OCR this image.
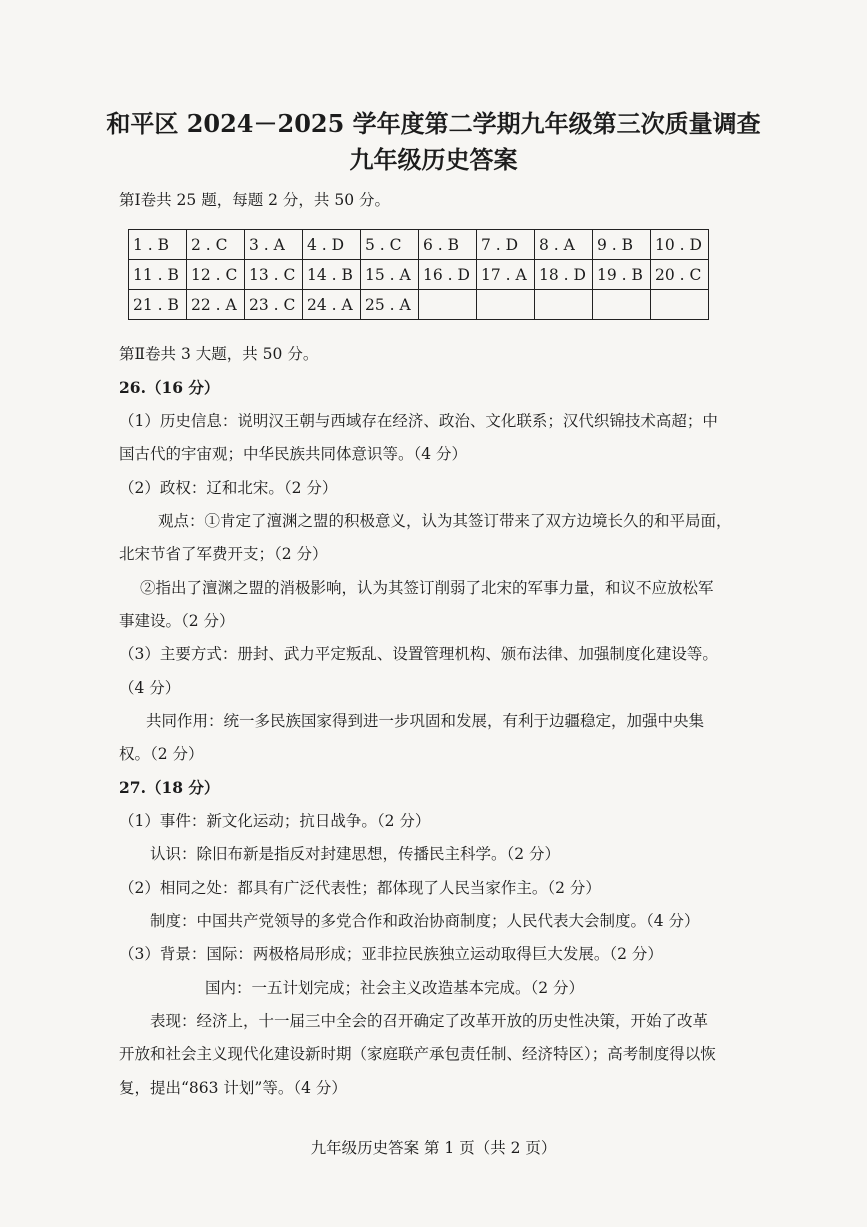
和平区 2024－2025 学年度第二学期九年级第三次质量调查
九年级历史答案
第Ⅰ卷共 25 题，每题 2 分，共 50 分。
1 . B	2 . C	3 . A	4 . D	5 . C	6 . B	7 . D	8 . A	9 . B	10 . D
11 . B	12 . C	13 . C	14 . B	15 . A	16 . D	17 . A	18 . D	19 . B	20 . C
21 . B	22 . A	23 . C	24 . A	25 . A					
第Ⅱ卷共 3 大题，共 50 分。
26.（16 分）
（1）历史信息：说明汉王朝与西域存在经济、政治、文化联系；汉代织锦技术高超；中
国古代的宇宙观；中华民族共同体意识等。（4 分）
（2）政权：辽和北宋。（2 分）
观点：①肯定了澶渊之盟的积极意义，认为其签订带来了双方边境长久的和平局面，
北宋节省了军费开支；（2 分）
②指出了澶渊之盟的消极影响，认为其签订削弱了北宋的军事力量，和议不应放松军
事建设。（2 分）
（3）主要方式：册封、武力平定叛乱、设置管理机构、颁布法律、加强制度化建设等。
（4 分）
共同作用：统一多民族国家得到进一步巩固和发展，有利于边疆稳定，加强中央集
权。（2 分）
27.（18 分）
（1）事件：新文化运动；抗日战争。（2 分）
认识：除旧布新是指反对封建思想，传播民主科学。（2 分）
（2）相同之处：都具有广泛代表性；都体现了人民当家作主。（2 分）
制度：中国共产党领导的多党合作和政治协商制度；人民代表大会制度。（4 分）
（3）背景：国际：两极格局形成；亚非拉民族独立运动取得巨大发展。（2 分）
国内：一五计划完成；社会主义改造基本完成。（2 分）
表现：经济上，十一届三中全会的召开确定了改革开放的历史性决策，开始了改革
开放和社会主义现代化建设新时期（家庭联产承包责任制、经济特区）；高考制度得以恢
复，提出“863 计划”等。（4 分）
九年级历史答案 第 1 页（共 2 页）
